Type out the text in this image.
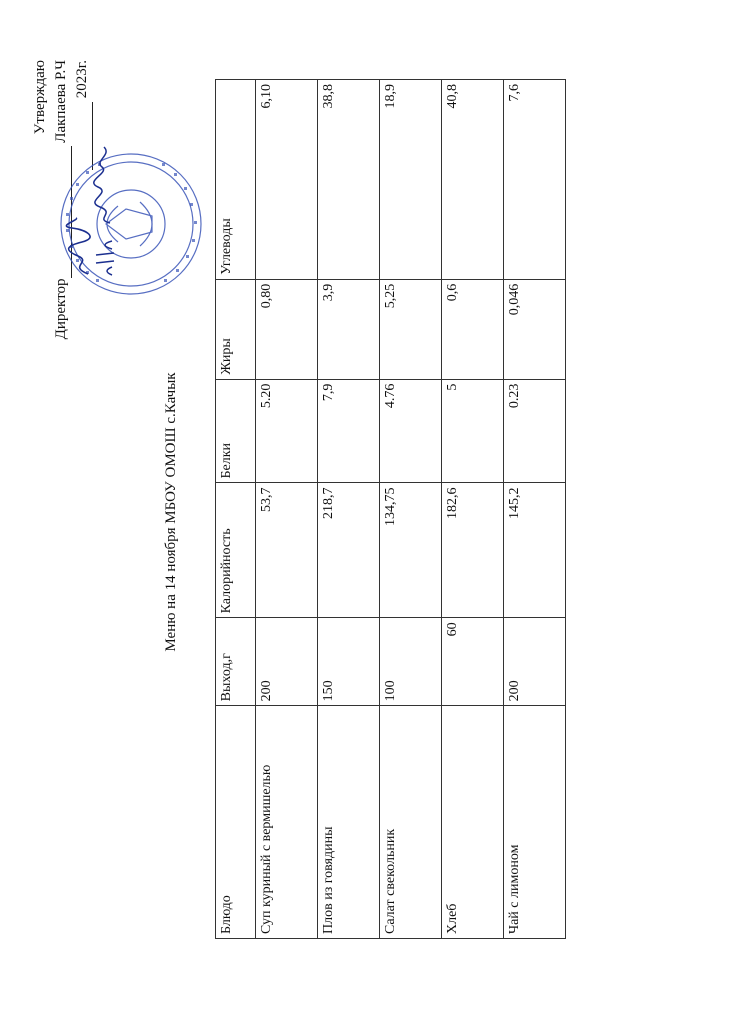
Утверждаю
Директор Лакпаева Р.Ч 2023г.
Меню на 14 ноября МБОУ ОМОШ с.Качык
Блюдо	Выход,г	Калорийность	Белки	Жиры	Углеводы
Суп куриный с вермишелью	200	53,7	5.20	0,80	6,10
Плов из говядины	150	218,7	7,9	3,9	38,8
Салат свекольник	100	134,75	4.76	5,25	18,9
Хлеб	60	182,6	5	0,6	40,8
Чай с лимоном	200	145,2	0.23	0,046	7,6
